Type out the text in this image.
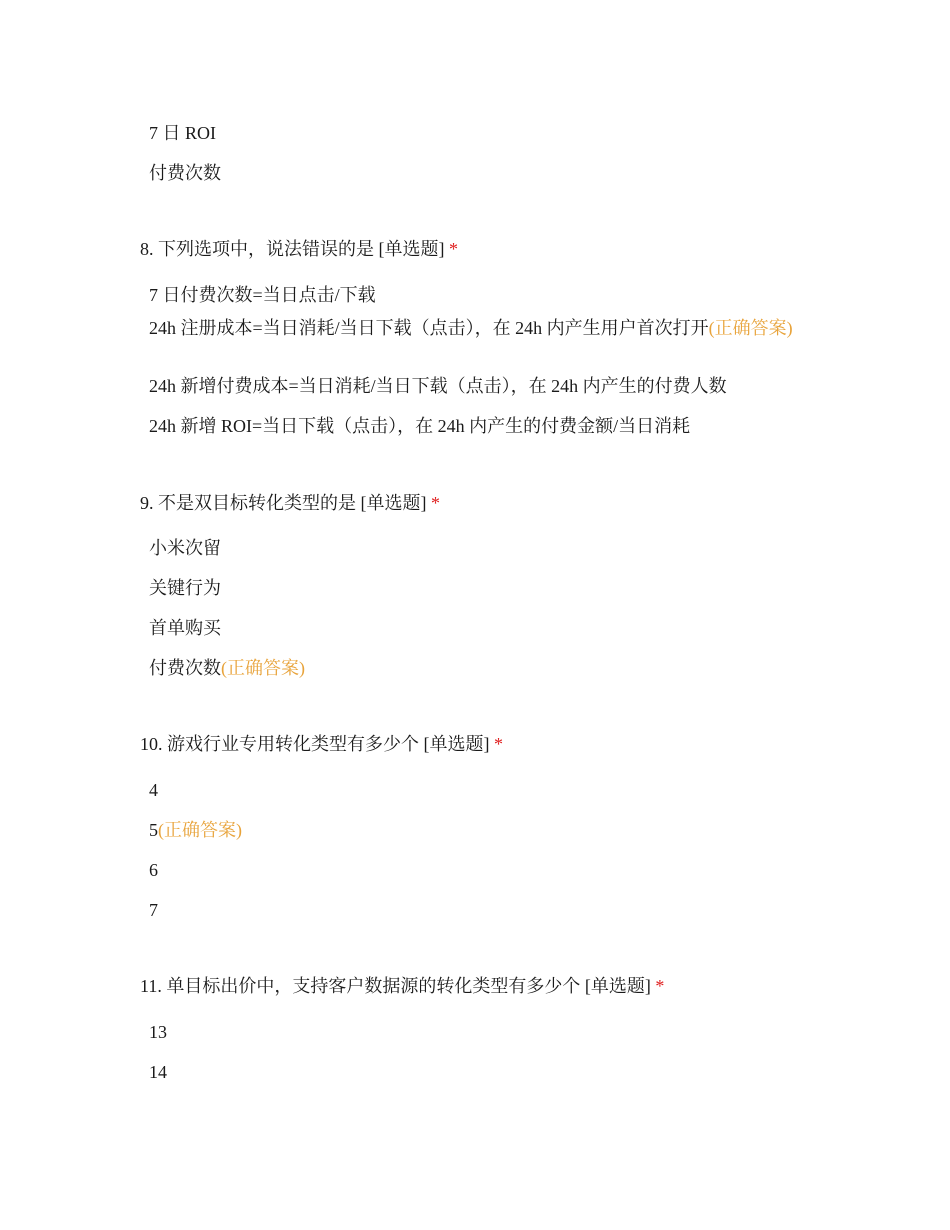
7 日 ROI
付费次数
8. 下列选项中，说法错误的是 [单选题] *
7 日付费次数=当日点击/下载
24h 注册成本=当日消耗/当日下载（点击），在 24h 内产生用户首次打开(正确答案)
24h 新增付费成本=当日消耗/当日下载（点击），在 24h 内产生的付费人数
24h 新增 ROI=当日下载（点击），在 24h 内产生的付费金额/当日消耗
9. 不是双目标转化类型的是 [单选题] *
小米次留
关键行为
首单购买
付费次数(正确答案)
10. 游戏行业专用转化类型有多少个 [单选题] *
4
5(正确答案)
6
7
11. 单目标出价中，支持客户数据源的转化类型有多少个 [单选题] *
13
14
